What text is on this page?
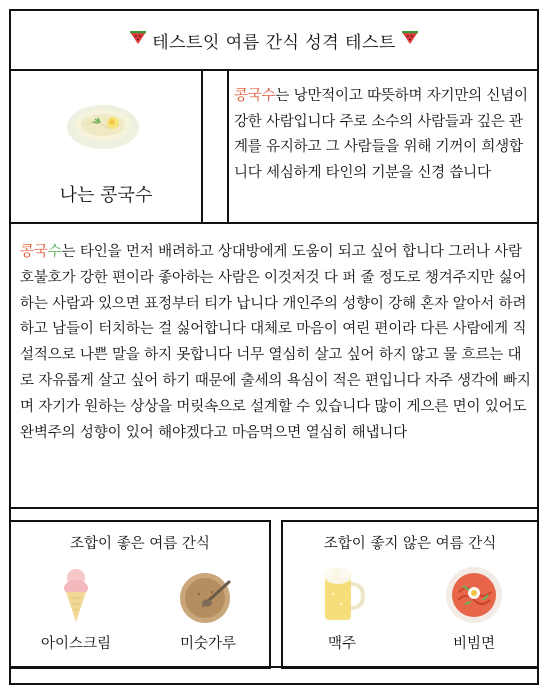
테스트잇 여름 간식 성격 테스트
나는 콩국수
콩국수는 낭만적이고 따뜻하며 자기만의 신념이 강한 사람입니다 주로 소수의 사람들과 깊은 관계를 유지하고 그 사람들을 위해 기꺼이 희생합니다 세심하게 타인의 기분을 신경 씁니다
콩국수는 타인을 먼저 배려하고 상대방에게 도움이 되고 싶어 합니다 그러나 사람 호불호가 강한 편이라 좋아하는 사람은 이것저것 다 퍼 줄 정도로 챙겨주지만 싫어하는 사람과 있으면 표정부터 티가 납니다 개인주의 성향이 강해 혼자 알아서 하려 하고 남들이 터치하는 걸 싫어합니다 대체로 마음이 여린 편이라 다른 사람에게 직설적으로 나쁜 말을 하지 못합니다 너무 열심히 살고 싶어 하지 않고 물 흐르는 대로 자유롭게 살고 싶어 하기 때문에 출세의 욕심이 적은 편입니다 자주 생각에 빠지며 자기가 원하는 상상을 머릿속으로 설계할 수 있습니다 많이 게으른 면이 있어도 완벽주의 성향이 있어 해야겠다고 마음먹으면 열심히 해냅니다
조합이 좋은 여름 간식
아이스크림	미숫가루
조합이 좋지 않은 여름 간식
맥주	비빔면
